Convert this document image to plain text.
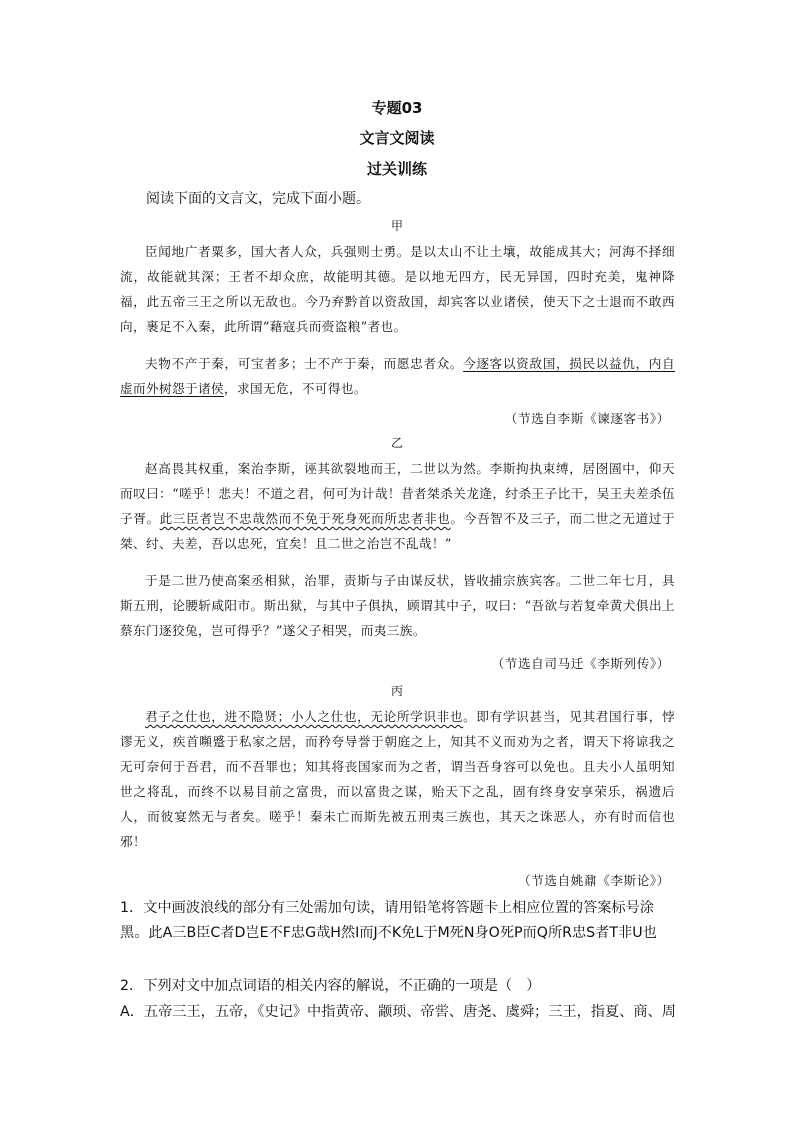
专题03
文言文阅读
过关训练
阅读下面的文言文，完成下面小题。
甲
臣闻地广者粟多，国大者人众，兵强则士勇。是以太山不让土壤，故能成其大；河海不择细流，故能就其深；王者不却众庶，故能明其德。是以地无四方，民无异国，四时充美，鬼神降福，此五帝三王之所以无敌也。今乃弃黔首以资敌国，却宾客以业诸侯，使天下之士退而不敢西向，裹足不入秦，此所谓“藉寇兵而赍盗粮”者也。
夫物不产于秦，可宝者多；士不产于秦，而愿忠者众。今逐客以资敌国，损民以益仇，内自虚而外树怨于诸侯，求国无危，不可得也。
（节选自李斯《谏逐客书》）
乙
赵高畏其权重，案治李斯，诬其欲裂地而王，二世以为然。李斯拘执束缚，居囹圄中，仰天而叹曰：“嗟乎！悲夫！不道之君，何可为计哉！昔者桀杀关龙逄，纣杀王子比干，吴王夫差杀伍子胥。此三臣者岂不忠哉然而不免于死身死而所忠者非也。今吾智不及三子，而二世之无道过于桀、纣、夫差，吾以忠死，宜矣！且二世之治岂不乱哉！”
于是二世乃使高案丞相狱，治罪，责斯与子由谋反状，皆收捕宗族宾客。二世二年七月，具斯五刑，论腰斩咸阳市。斯出狱，与其中子俱执，顾谓其中子，叹曰：“吾欲与若复牵黄犬俱出上蔡东门逐狡兔，岂可得乎？”遂父子相哭，而夷三族。
（节选自司马迁《李斯列传》）
丙
君子之仕也，进不隐贤；小人之仕也，无论所学识非也。即有学识甚当，见其君国行事，悖谬无义，疾首嚬蹙于私家之居，而矜夸导誉于朝庭之上，知其不义而劝为之者，谓天下将谅我之无可奈何于吾君，而不吾罪也；知其将丧国家而为之者，谓当吾身容可以免也。且夫小人虽明知世之将乱，而终不以易目前之富贵，而以富贵之谋，贻天下之乱，固有终身安享荣乐，祸遗后人，而彼宴然无与者矣。嗟乎！秦未亡而斯先被五刑夷三族也，其天之诛恶人，亦有时而信也邪！
（节选自姚鼐《李斯论》）
1．文中画波浪线的部分有三处需加句读，请用铅笔将答题卡上相应位置的答案标号涂黑。此A三B臣C者D岂E不F忠G哉H然I而J不K免L于M死N身O死P而Q所R忠S者T非U也
2．下列对文中加点词语的相关内容的解说，不正确的一项是（　）
A．五帝三王，五帝，《史记》中指黄帝、颛顼、帝喾、唐尧、虞舜；三王，指夏、商、周
